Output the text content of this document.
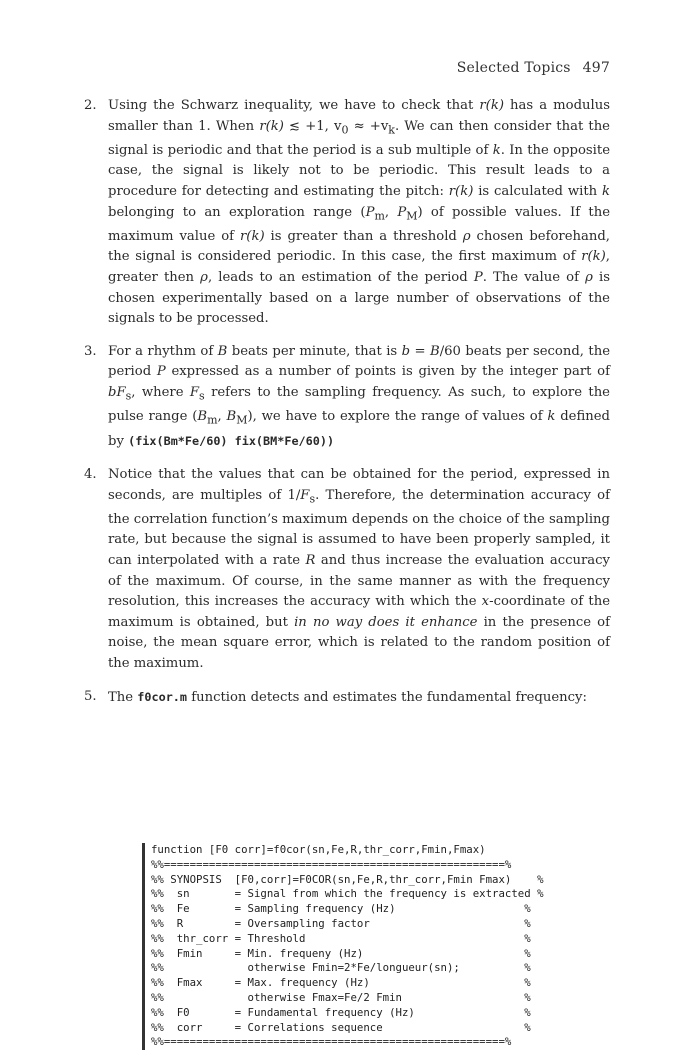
Selected Topics 497
2. Using the Schwarz inequality, we have to check that r(k) has a modulus smaller than 1. When r(k) ≲ +1, $v_0 \approx +v_k$. We can then consider that the signal is periodic and that the period is a sub multiple of k. In the opposite case, the signal is likely not to be periodic. This result leads to a procedure for detecting and estimating the pitch: r(k) is calculated with k belonging to an exploration range ($P_m$, $P_M$) of possible values. If the maximum value of r(k) is greater than a threshold ρ chosen beforehand, the signal is considered periodic. In this case, the first maximum of r(k), greater then ρ, leads to an estimation of the period P. The value of ρ is chosen experimentally based on a large number of observations of the signals to be processed.

3. For a rhythm of B beats per minute, that is b = B/60 beats per second, the period P expressed as a number of points is given by the integer part of $bF_s$, where $F_s$ refers to the sampling frequency. As such, to explore the pulse range ($B_m$, $B_M$), we have to explore the range of values of k defined by (fix(Bm*Fe/60) fix(BM*Fe/60))

4. Notice that the values that can be obtained for the period, expressed in seconds, are multiples of $1/F_s$. Therefore, the determination accuracy of the correlation function’s maximum depends on the choice of the sampling rate, but because the signal is assumed to have been properly sampled, it can interpolated with a rate R and thus increase the evaluation accuracy of the maximum. Of course, in the same manner as with the frequency resolution, this increases the accuracy with which the x-coordinate of the maximum is obtained, but in no way does it enhance in the presence of noise, the mean square error, which is related to the random position of the maximum.

5. The f0cor.m function detects and estimates the fundamental frequency:

function [F0 corr]=f0cor(sn,Fe,R,thr_corr,Fmin,Fmax)
%%=====================================================%
%% SYNOPSIS  [F0,corr]=F0COR(sn,Fe,R,thr_corr,Fmin Fmax)    %
%%  sn       = Signal from which the frequency is extracted %
%%  Fe       = Sampling frequency (Hz)                    %
%%  R        = Oversampling factor                        %
%%  thr_corr = Threshold                                  %
%%  Fmin     = Min. frequeny (Hz)                         %
%%             otherwise Fmin=2*Fe/longueur(sn);          %
%%  Fmax     = Max. frequency (Hz)                        %
%%             otherwise Fmax=Fe/2 Fmin                   %
%%  F0       = Fundamental frequency (Hz)                 %
%%  corr     = Correlations sequence                      %
%%=====================================================%
